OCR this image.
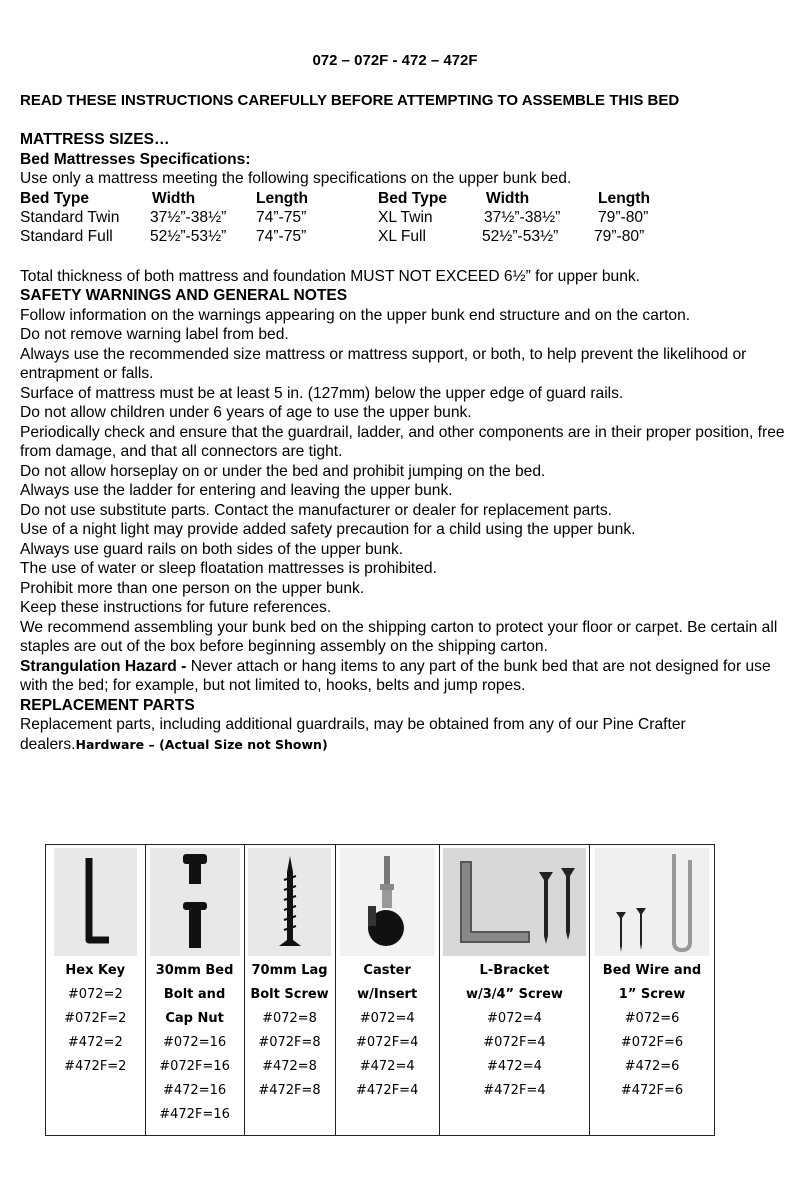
072 – 072F - 472 – 472F
READ THESE INSTRUCTIONS CAREFULLY BEFORE ATTEMPTING TO ASSEMBLE THIS BED
MATTRESS SIZES…
Bed Mattresses Specifications:
Use only a mattress meeting the following specifications on the upper bunk bed.
Bed Type	Width	Length	Bed Type Width	Length
Standard Twin 37½”-38½” 74”-75”	XL Twin	37½”-38½” 79”-80”
Standard Full 52½”-53½” 74”-75”	XL Full	52½”-53½” 79”-80”
Total thickness of both mattress and foundation MUST NOT EXCEED 6½” for upper bunk.
SAFETY WARNINGS AND GENERAL NOTES
Follow information on the warnings appearing on the upper bunk end structure and on the carton.
Do not remove warning label from bed.
Always use the recommended size mattress or mattress support, or both, to help prevent the likelihood or entrapment or falls.
Surface of mattress must be at least 5 in. (127mm) below the upper edge of guard rails.
Do not allow children under 6 years of age to use the upper bunk.
Periodically check and ensure that the guardrail, ladder, and other components are in their proper position, free from damage, and that all connectors are tight.
Do not allow horseplay on or under the bed and prohibit jumping on the bed.
Always use the ladder for entering and leaving the upper bunk.
Do not use substitute parts. Contact the manufacturer or dealer for replacement parts.
Use of a night light may provide added safety precaution for a child using the upper bunk.
Always use guard rails on both sides of the upper bunk.
The use of water or sleep floatation mattresses is prohibited.
Prohibit more than one person on the upper bunk.
Keep these instructions for future references.
We recommend assembling your bunk bed on the shipping carton to protect your floor or carpet. Be certain all staples are out of the box before beginning assembly on the shipping carton.
Strangulation Hazard - Never attach or hang items to any part of the bunk bed that are not designed for use with the bed; for example, but not limited to, hooks, belts and jump ropes.
REPLACEMENT PARTS
Replacement parts, including additional guardrails, may be obtained from any of our Pine Crafter dealers.Hardware – (Actual Size not Shown)
Hex Key
#072=2
#072F=2
#472=2
#472F=2

30mm Bed
Bolt and
Cap Nut
#072=16
#072F=16
#472=16
#472F=16

70mm Lag
Bolt Screw
#072=8
#072F=8
#472=8
#472F=8

Caster
w/Insert
#072=4
#072F=4
#472=4
#472F=4

L-Bracket
w/3/4” Screw
#072=4
#072F=4
#472=4
#472F=4

Bed Wire and
1” Screw
#072=6
#072F=6
#472=6
#472F=6
